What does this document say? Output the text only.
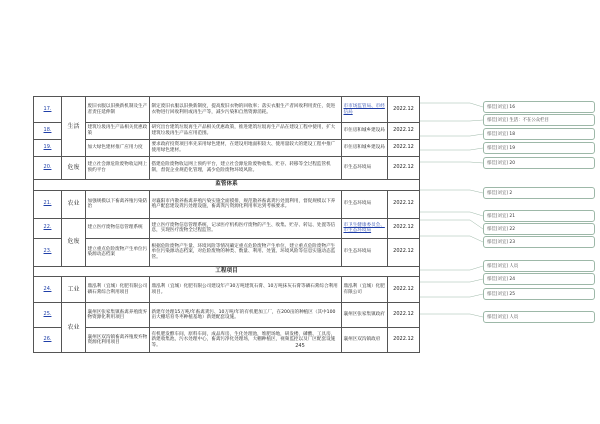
17.	生活	废旧衣服以旧换新机制及生产者责任延伸制	制定废旧衣服以旧换新制度，提高废旧衣物的回收率；落实衣服生产者回收利用责任，促进衣物进行回收利用或再生产等，减少污染和自然资源消耗。	市市场监管局、市经信局	2022.12
18.		建筑垃圾再生产品相关优惠政策	研究出台建筑垃圾再生产品相关优惠政策，推进建筑垃圾再生产品在建设工程中使用，扩大建筑垃圾再生产品应用范围。	市住房和城乡建设局	2022.12
19.		加大绿色建材推广应用力度	要求政府投资项目率先采用绿色建材，在建设用地面积较大、使用量较大的建设工程中推广使用绿色建材。	市住房和城乡建设局	2022.12
20.	危废	建立社会源危险废物收运网上预约平台	搭建危险废物收运网上预约平台，建立社会源危险废物收集、贮存、转移等全过程监管机制，督促企业规范化管理，减少危险废物环境风险。	市生态环境局	2022.12
监管体系					
21.	农业	加强规模以下畜禽养殖污染防治	对襄阳市内散养畜禽养殖污染实施全面摸排，规范散养畜禽粪污处置利用，督促规模以下养殖户配套建设粪污处理设施，畜禽粪污资源化利用率达到考核要求。	市生态环境局	2022.12
22.	危废	建立医疗废物信息管理系统	建立医疗废物信息管理系统，记录医疗机构医疗废物的产生、收集、贮存、转运、处置等信息，实现医疗废物全过程监管。	市卫生健康委员会、市生态环境局	2022.12
23.		建立重点危险废物产生单位污染源动态档案	根据危险废物产生量、环境风险等情况确定重点危险废物产生单位，建立重点危险废物产生单位污染源动态档案，对危险废物的种类、数量、利用、处置、环境风险等信息实施动态监管。	市生态环境局	2022.12
工程项目					
24.	工业	鼎泓利（宜城）化肥有限公司磷石膏综合利用项目	鼎泓利（宜城）化肥有限公司建设年产30万吨建筑石膏、10万吨抹灰石膏等磷石膏综合利用项目。	鼎泓利（宜城）化肥有限公司	2022.12
25.	农业	襄州区张家集镇畜禽养殖废弃物资源化利用项目	新建年处理15万吨/年畜禽粪污、10万吨/年的有机肥加工厂，在200亩的种植区（其中100亩大棚培育冬枣种植基地）新建配套设施。	襄州区张家集镇政府	2022.12
26.		襄州区双沟镇畜禽养殖废弃物资源化利用项目	有机肥发酵车间，原料车间，成品库房，生化处理池，堆肥场地，研发楼，磷酸、工具房，新建收集池，污水处理中心，畜禽污净化处理场，大棚种植区，视频监控以及厂区配套设施等。	襄州区双沟镇政府	2022.12
鄢佳[刘宜] 16
鄢佳[刘宜] 生活：不在公众栏目
鄢佳[刘宜] 18
鄢佳[刘宜] 19
鄢佳[刘宜] 20
鄢佳[刘宜] 2
鄢佳[刘宜] 21
鄢佳[刘宜] 22
鄢佳[刘宜] 23
鄢佳[刘宜] 人员
鄢佳[刘宜] 24
鄢佳[刘宜] 25
鄢佳[刘宜] 人员
245
